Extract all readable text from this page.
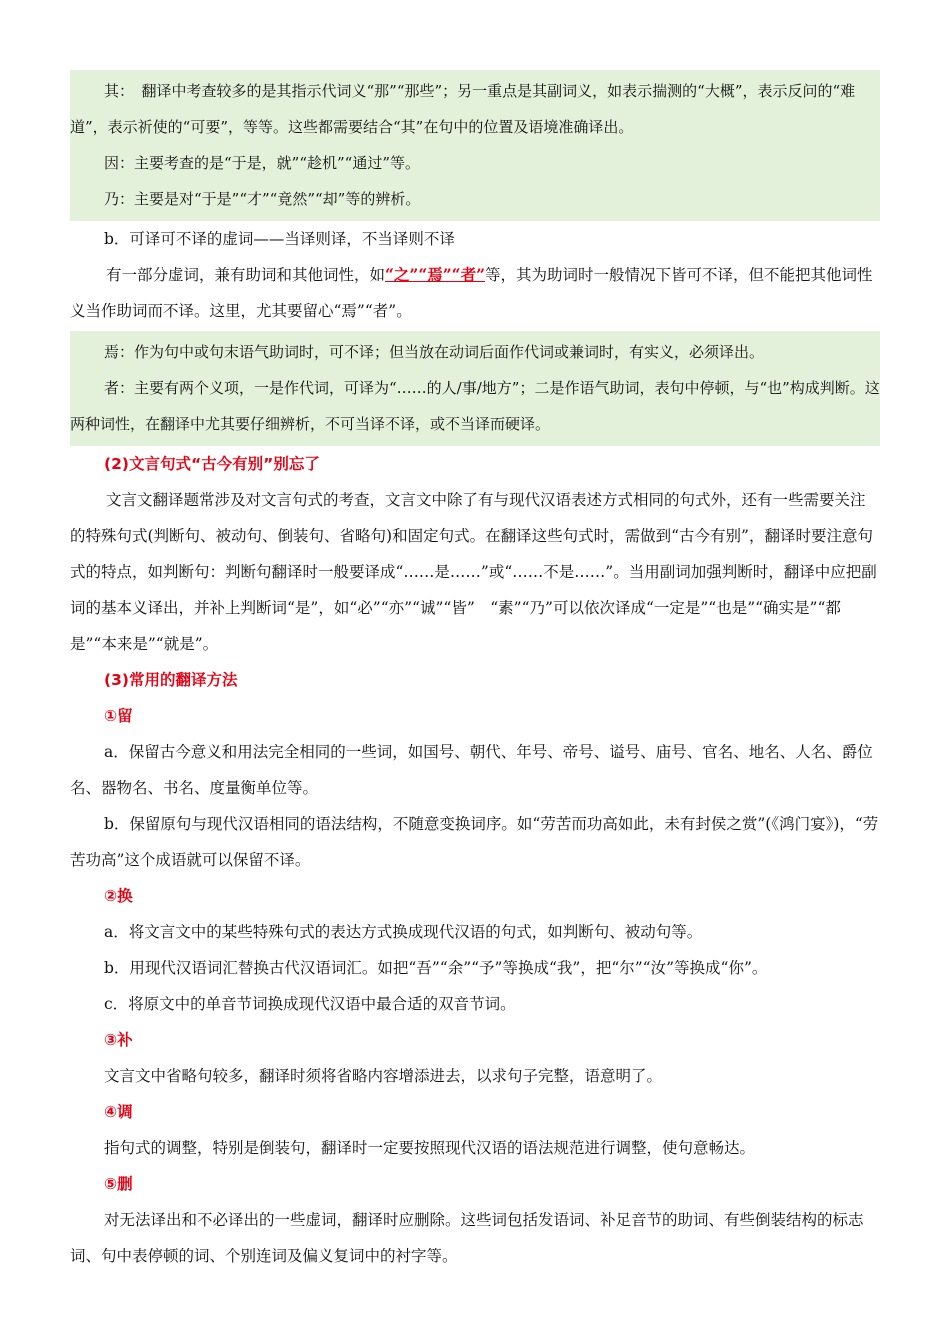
其：　翻译中考查较多的是其指示代词义“那”“那些”；另一重点是其副词义，如表示揣测的“大概”，表示反问的“难道”，表示祈使的“可要”，等等。这些都需要结合“其”在句中的位置及语境准确译出。

因：主要考查的是“于是，就”“趁机”“通过”等。

乃：主要是对“于是”“才”“竟然”“却”等的辨析。

b．可译可不译的虚词——当译则译，不当译则不译

有一部分虚词，兼有助词和其他词性，如“之”“焉”“者”等，其为助词时一般情况下皆可不译，但不能把其他词性义当作助词而不译。这里，尤其要留心“焉”“者”。

焉：作为句中或句末语气助词时，可不译；但当放在动词后面作代词或兼词时，有实义，必须译出。

者：主要有两个义项，一是作代词，可译为“……的人/事/地方”；二是作语气助词，表句中停顿，与“也”构成判断。这两种词性，在翻译中尤其要仔细辨析，不可当译不译，或不当译而硬译。

(2)文言句式“古今有别”别忘了

文言文翻译题常涉及对文言句式的考查，文言文中除了有与现代汉语表述方式相同的句式外，还有一些需要关注的特殊句式(判断句、被动句、倒装句、省略句)和固定句式。在翻译这些句式时，需做到“古今有别”，翻译时要注意句式的特点，如判断句：判断句翻译时一般要译成“……是……”或“……不是……”。当用副词加强判断时，翻译中应把副词的基本义译出，并补上判断词“是”，如“必”“亦”“诚”“皆”　“素”“乃”可以依次译成“一定是”“也是”“确实是”“都是”“本来是”“就是”。

(3)常用的翻译方法
①留

a．保留古今意义和用法完全相同的一些词，如国号、朝代、年号、帝号、谥号、庙号、官名、地名、人名、爵位名、器物名、书名、度量衡单位等。

b．保留原句与现代汉语相同的语法结构，不随意变换词序。如“劳苦而功高如此，未有封侯之赏”(《鸿门宴》)，“劳苦功高”这个成语就可以保留不译。

②换

a．将文言文中的某些特殊句式的表达方式换成现代汉语的句式，如判断句、被动句等。

b．用现代汉语词汇替换古代汉语词汇。如把“吾”“余”“予”等换成“我”，把“尔”“汝”等换成“你”。

c．将原文中的单音节词换成现代汉语中最合适的双音节词。

③补

文言文中省略句较多，翻译时须将省略内容增添进去，以求句子完整，语意明了。

④调

指句式的调整，特别是倒装句，翻译时一定要按照现代汉语的语法规范进行调整，使句意畅达。

⑤删

对无法译出和不必译出的一些虚词，翻译时应删除。这些词包括发语词、补足音节的助词、有些倒装结构的标志词、句中表停顿的词、个别连词及偏义复词中的衬字等。
